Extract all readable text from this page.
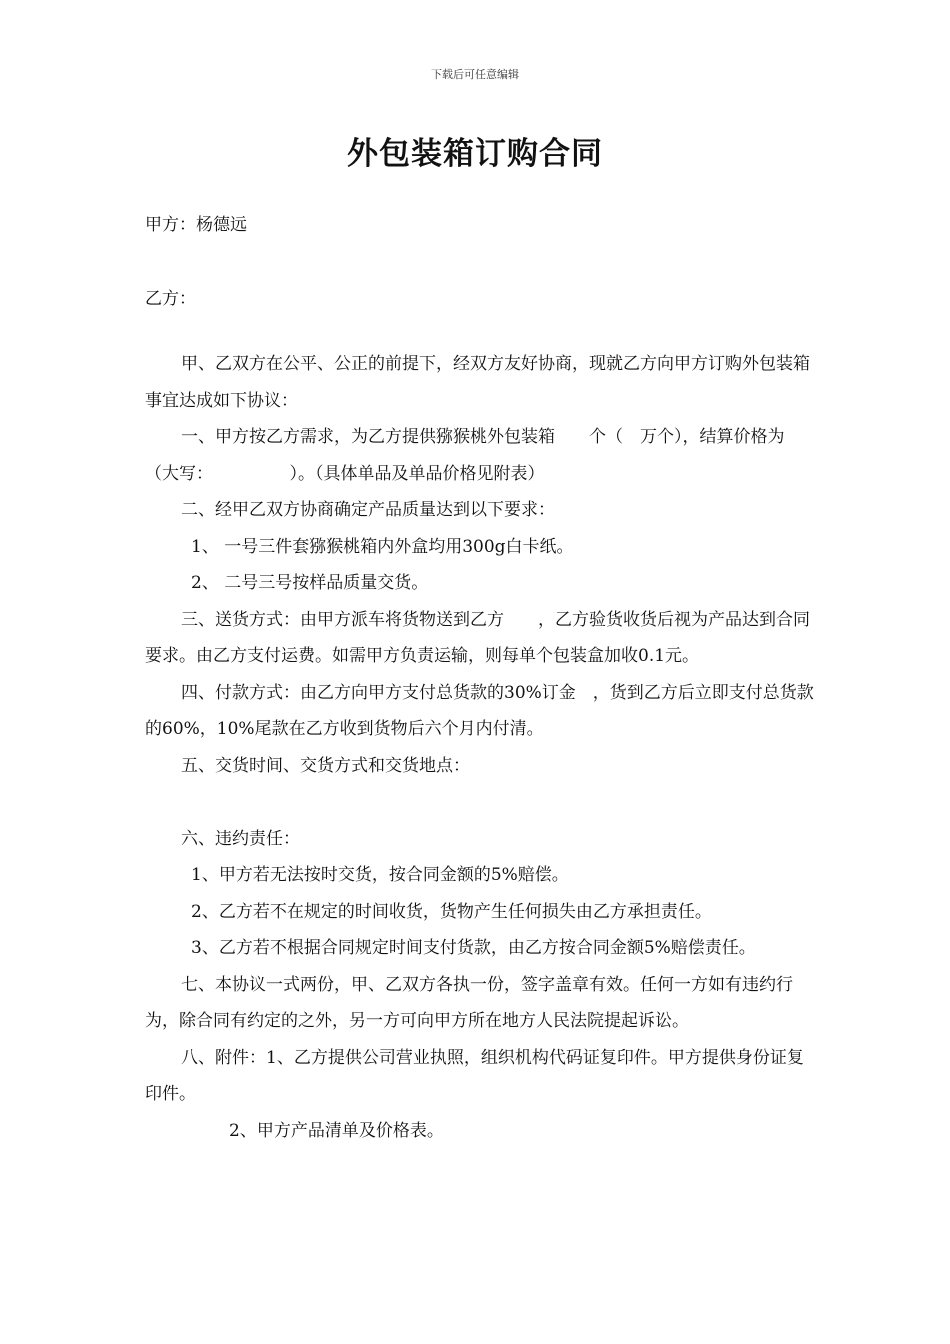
下载后可任意编辑
外包装箱订购合同
甲方：杨德远
乙方：

甲、乙双方在公平、公正的前提下，经双方友好协商，现就乙方向甲方订购外包装箱事宜达成如下协议：

一、甲方按乙方需求，为乙方提供猕猴桃外包装箱　　个（　万个），结算价格为　　　（大写：　　　　　）。（具体单品及单品价格见附表）

二、经甲乙双方协商确定产品质量达到以下要求：

1、 一号三件套猕猴桃箱内外盒均用300g白卡纸。

2、 二号三号按样品质量交货。

三、送货方式：由甲方派车将货物送到乙方　　，乙方验货收货后视为产品达到合同要求。由乙方支付运费。如需甲方负责运输，则每单个包装盒加收0.1元。

四、付款方式：由乙方向甲方支付总货款的30%订金　，货到乙方后立即支付总货款的60%，10%尾款在乙方收到货物后六个月内付清。

五、交货时间、交货方式和交货地点：

六、违约责任：

1、甲方若无法按时交货，按合同金额的5%赔偿。

2、乙方若不在规定的时间收货，货物产生任何损失由乙方承担责任。

3、乙方若不根据合同规定时间支付货款，由乙方按合同金额5%赔偿责任。

七、本协议一式两份，甲、乙双方各执一份，签字盖章有效。任何一方如有违约行为，除合同有约定的之外，另一方可向甲方所在地方人民法院提起诉讼。

八、附件：1、乙方提供公司营业执照，组织机构代码证复印件。甲方提供身份证复印件。

2、甲方产品清单及价格表。
